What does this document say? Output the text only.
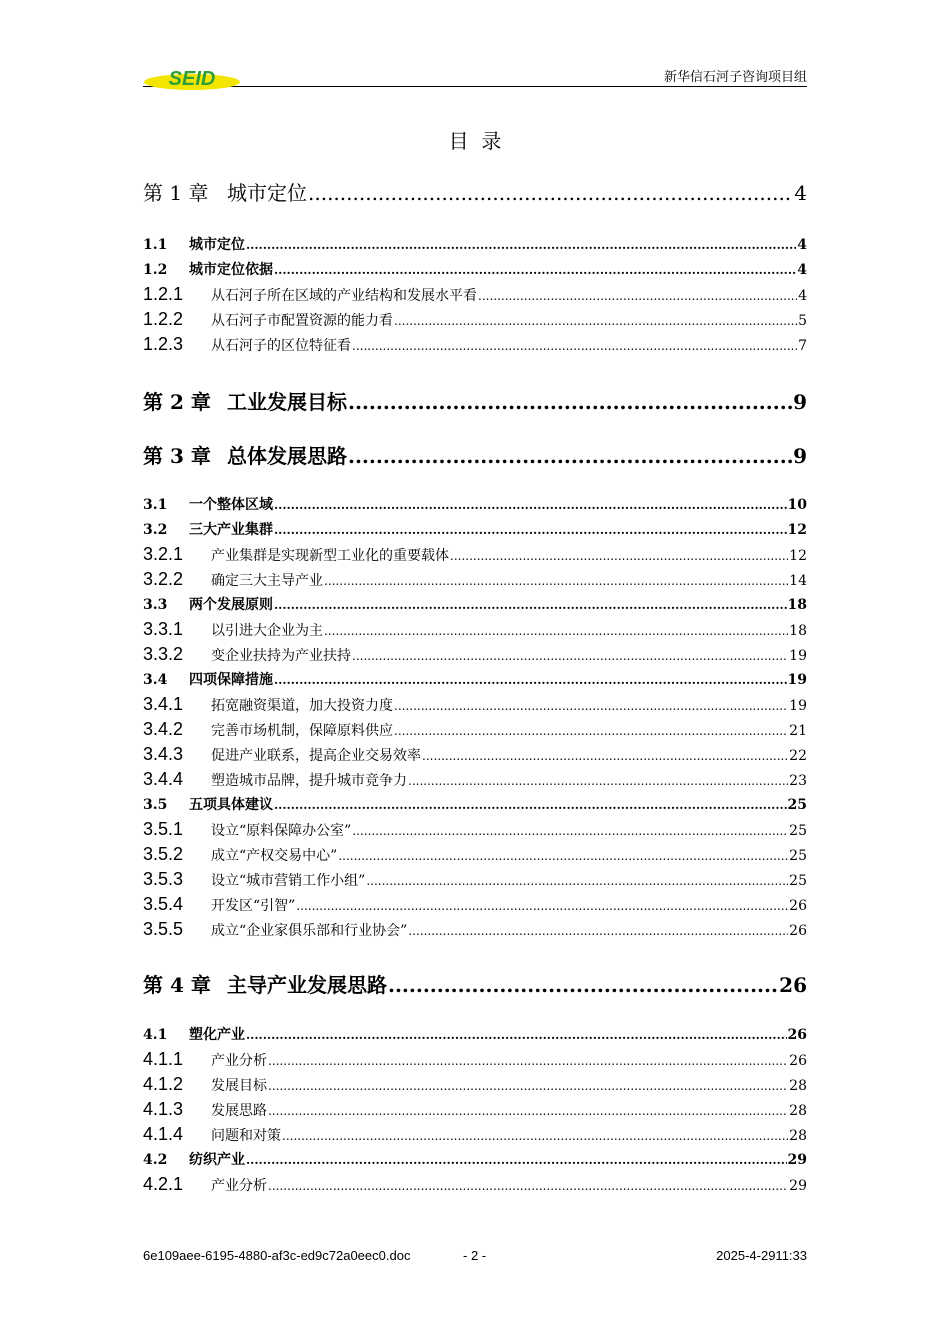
SEID	新华信石河子咨询项目组
目  录
第 1 章 城市定位 .....	4
1.1	城市定位 .....	4
1.2	城市定位依据 .....	4
1.2.1	从石河子所在区域的产业结构和发展水平看 .....	4
1.2.2	从石河子市配置资源的能力看 .....	5
1.2.3	从石河子的区位特征看 .....	7
第 2 章 工业发展目标 .....	9
第 3 章 总体发展思路 .....	9
3.1	一个整体区域 .....	10
3.2	三大产业集群 .....	12
3.2.1	产业集群是实现新型工业化的重要载体 .....	12
3.2.2	确定三大主导产业 .....	14
3.3	两个发展原则 .....	18
3.3.1	以引进大企业为主 .....	18
3.3.2	变企业扶持为产业扶持 .....	19
3.4	四项保障措施 .....	19
3.4.1	拓宽融资渠道，加大投资力度 .....	19
3.4.2	完善市场机制，保障原料供应 .....	21
3.4.3	促进产业联系，提高企业交易效率 .....	22
3.4.4	塑造城市品牌，提升城市竞争力 .....	23
3.5	五项具体建议 .....	25
3.5.1	设立“原料保障办公室” .....	25
3.5.2	成立“产权交易中心” .....	25
3.5.3	设立“城市营销工作小组” .....	25
3.5.4	开发区“引智” .....	26
3.5.5	成立“企业家俱乐部和行业协会” .....	26
第 4 章 主导产业发展思路 .....	26
4.1	塑化产业 .....	26
4.1.1	产业分析 .....	26
4.1.2	发展目标 .....	28
4.1.3	发展思路 .....	28
4.1.4	问题和对策 .....	28
4.2	纺织产业 .....	29
4.2.1	产业分析 .....	29
6e109aee-6195-4880-af3c-ed9c72a0eec0.doc	- 2 -	2025-4-2911:33
